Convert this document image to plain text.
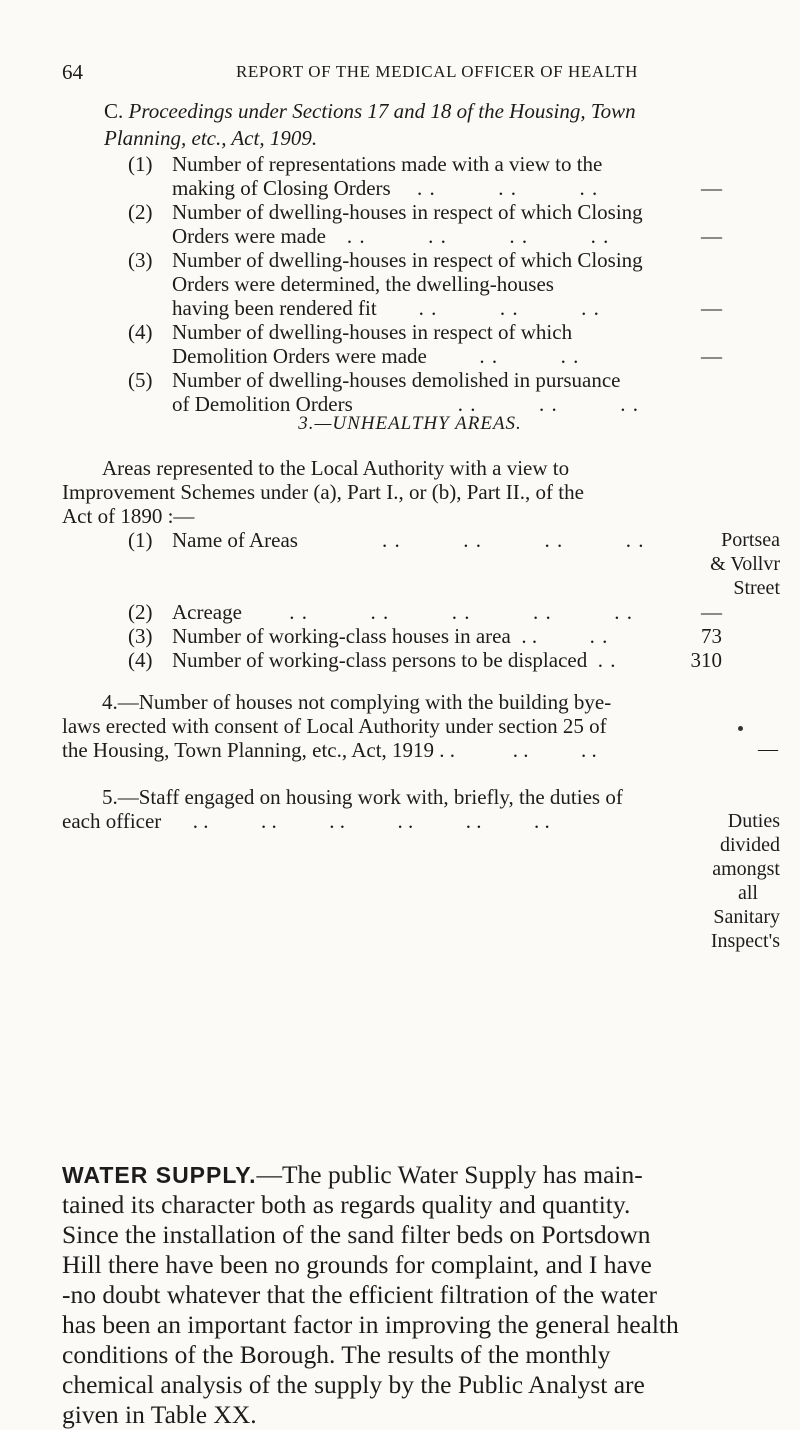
64	REPORT OF THE MEDICAL OFFICER OF HEALTH
C. Proceedings under Sections 17 and 18 of the Housing, Town Planning, etc., Act, 1909.
(1) Number of representations made with a view to the
making of Closing Orders . .          . .          . .	—
(2) Number of dwelling-houses in respect of which Closing
Orders were made . .          . .          . .          . .	—
(3) Number of dwelling-houses in respect of which Closing
Orders were determined, the dwelling-houses
having been rendered fit . .          . .          . .	—
(4) Number of dwelling-houses in respect of which
Demolition Orders were made	. .          . .	—
(5) Number of dwelling-houses demolished in pursuance
of Demolition Orders	. .          . .          . .
3.—UNHEALTHY AREAS.
Areas represented to the Local Authority with a view to
Improvement Schemes under (a), Part I., or (b), Part II., of the
Act of 1890 :—
(1) Name of Areas	. .          . .          . .          . .	Portsea
& Vollvr
Street
(2) Acreage . .          . .          . .          . .          . .	—
(3) Number of working-class houses in area  . .	. .	73
(4) Number of working-class persons to be displaced . .	310
4.—Number of houses not complying with the building bye-
laws erected with consent of Local Authority under section 25 of
the Housing, Town Planning, etc., Act, 1919 . .	. .          . .	—
5.—Staff engaged on housing work with, briefly, the duties of
each officer . .          . .          . .          . .          . .          . .	Duties
divided
amongst
all
Sanitary
Inspect's
WATER SUPPLY.—The public Water Supply has main-
tained its character both as regards quality and quantity.
Since the installation of the sand filter beds on Portsdown
Hill there have been no grounds for complaint, and I have
-no doubt whatever that the efficient filtration of the water
has been an important factor in improving the general health
conditions of the Borough. The results of the monthly
chemical analysis of the supply by the Public Analyst are
given in Table XX.
